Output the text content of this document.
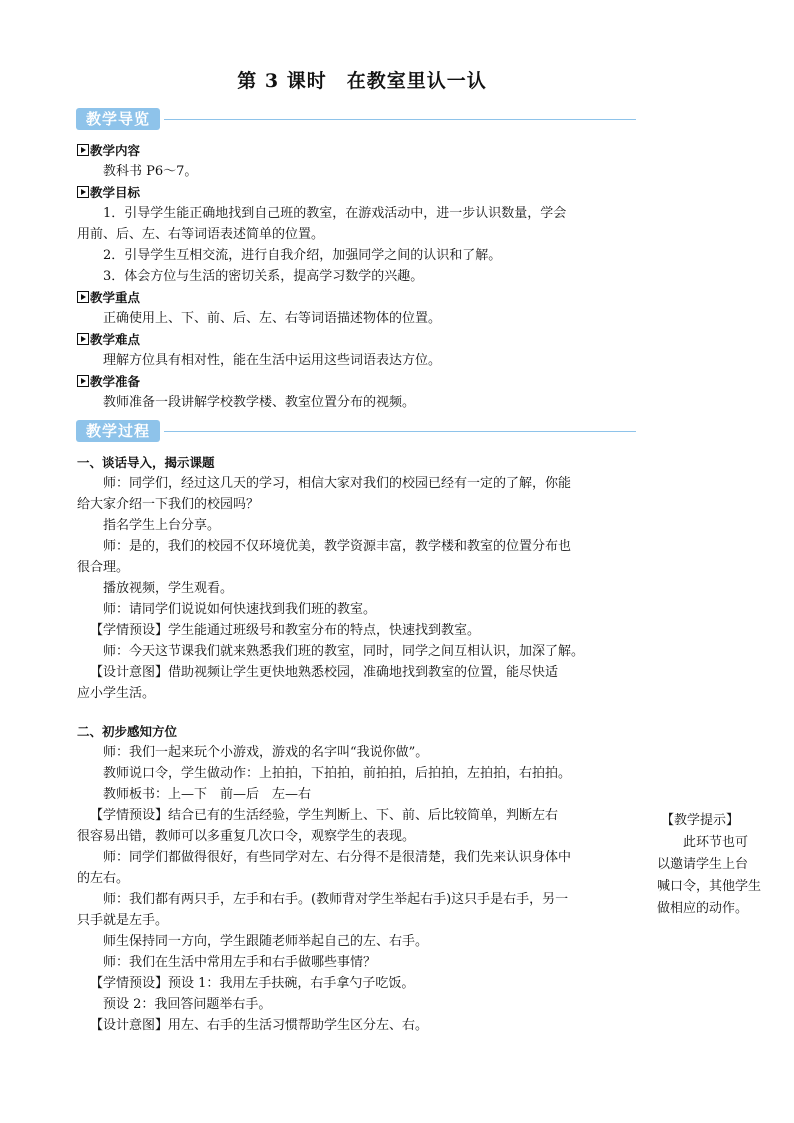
第 3 课时　在教室里认一认
教学导览
教学内容
教科书 P6～7。
教学目标
1．引导学生能正确地找到自己班的教室，在游戏活动中，进一步认识数量，学会
用前、后、左、右等词语表述简单的位置。
2．引导学生互相交流，进行自我介绍，加强同学之间的认识和了解。
3．体会方位与生活的密切关系，提高学习数学的兴趣。
教学重点
正确使用上、下、前、后、左、右等词语描述物体的位置。
教学难点
理解方位具有相对性，能在生活中运用这些词语表达方位。
教学准备
教师准备一段讲解学校教学楼、教室位置分布的视频。
教学过程
一、谈话导入，揭示课题
师：同学们，经过这几天的学习，相信大家对我们的校园已经有一定的了解，你能
给大家介绍一下我们的校园吗？
指名学生上台分享。
师：是的，我们的校园不仅环境优美，教学资源丰富，教学楼和教室的位置分布也
很合理。
播放视频，学生观看。
师：请同学们说说如何快速找到我们班的教室。
【学情预设】学生能通过班级号和教室分布的特点，快速找到教室。
师：今天这节课我们就来熟悉我们班的教室，同时，同学之间互相认识，加深了解。
【设计意图】借助视频让学生更快地熟悉校园，准确地找到教室的位置，能尽快适
应小学生活。
二、初步感知方位
师：我们一起来玩个小游戏，游戏的名字叫“我说你做”。
教师说口令，学生做动作：上拍拍，下拍拍，前拍拍，后拍拍，左拍拍，右拍拍。
教师板书：上—下　前—后　左—右
【学情预设】结合已有的生活经验，学生判断上、下、前、后比较简单，判断左右
很容易出错，教师可以多重复几次口令，观察学生的表现。
师：同学们都做得很好，有些同学对左、右分得不是很清楚，我们先来认识身体中
的左右。
师：我们都有两只手，左手和右手。(教师背对学生举起右手)这只手是右手，另一
只手就是左手。
师生保持同一方向，学生跟随老师举起自己的左、右手。
师：我们在生活中常用左手和右手做哪些事情？
【学情预设】预设 1：我用左手扶碗，右手拿勺子吃饭。
预设 2：我回答问题举右手。
【设计意图】用左、右手的生活习惯帮助学生区分左、右。
【教学提示】
此环节也可
以邀请学生上台
喊口令，其他学生
做相应的动作。
